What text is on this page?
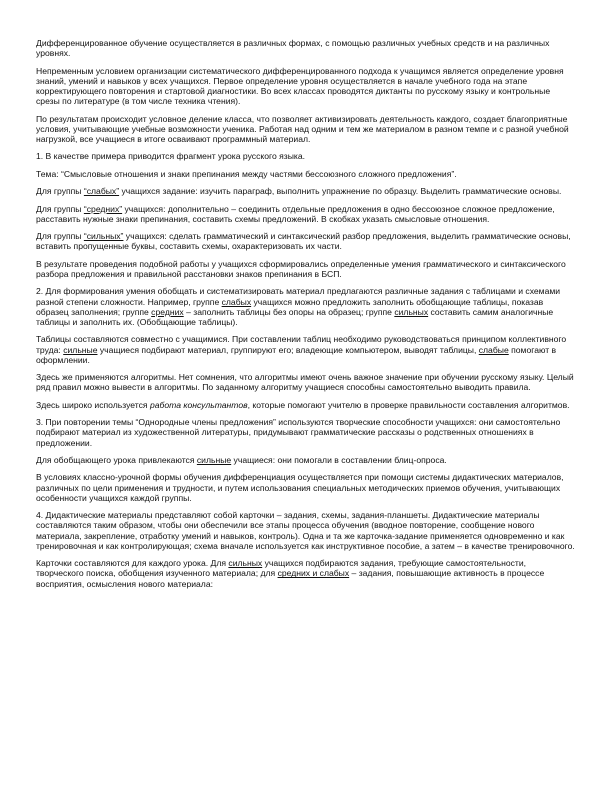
Дифференцированное обучение осуществляется в различных формах, с помощью различных учебных средств и на различных уровнях.

Непременным условием организации систематического дифференцированного подхода к учащимся является определение уровня знаний, умений и навыков у всех учащихся. Первое определение уровня осуществляется в начале учебного года на этапе корректирующего повторения и стартовой диагностики. Во всех классах проводятся диктанты по русскому языку и контрольные срезы по литературе (в том числе техника чтения).

По результатам происходит условное деление класса, что позволяет активизировать деятельность каждого, создает благоприятные условия, учитывающие учебные возможности ученика. Работая над одним и тем же материалом в разном темпе и с разной учебной нагрузкой, все учащиеся в итоге осваивают программный материал.

1. В качестве примера приводится фрагмент урока русского языка.

Тема: “Смысловые отношения и знаки препинания между частями бессоюзного сложного предложения”.

Для группы “слабых” учащихся задание: изучить параграф, выполнить упражнение по образцу. Выделить грамматические основы.

Для группы “средних” учащихся: дополнительно – соединить отдельные предложения в одно бессоюзное сложное предложение, расставить нужные знаки препинания, составить схемы предложений. В скобках указать смысловые отношения.

Для группы “сильных” учащихся: сделать грамматический и синтаксический разбор предложения, выделить грамматические основы, вставить пропущенные буквы, составить схемы, охарактеризовать их части.

В результате проведения подобной работы у учащихся сформировались определенные умения грамматического и синтаксического разбора предложения и правильной расстановки знаков препинания в БСП.

2. Для формирования умения обобщать и систематизировать материал предлагаются различные задания с таблицами и схемами разной степени сложности. Например, группе слабых учащихся можно предложить заполнить обобщающие таблицы, показав образец заполнения; группе средних – заполнить таблицы без опоры на образец; группе сильных составить самим аналогичные таблицы и заполнить их. (Обобщающие таблицы).

Таблицы составляются совместно с учащимися. При составлении таблиц необходимо руководствоваться принципом коллективного труда: сильные учащиеся подбирают материал, группируют его; владеющие компьютером, выводят таблицы, слабые помогают в оформлении.

Здесь же применяются алгоритмы. Нет сомнения, что алгоритмы имеют очень важное значение при обучении русскому языку. Целый ряд правил можно вывести в алгоритмы. По заданному алгоритму учащиеся способны самостоятельно выводить правила.

Здесь широко используется работа консультантов, которые помогают учителю в проверке правильности составления алгоритмов.

3. При повторении темы “Однородные члены предложения” используются творческие способности учащихся: они самостоятельно подбирают материал из художественной литературы, придумывают грамматические рассказы о родственных отношениях в предложении.

Для обобщающего урока привлекаются сильные учащиеся: они помогали в составлении блиц-опроса.

В условиях классно-урочной формы обучения дифференциация осуществляется при помощи системы дидактических материалов, различных по цели применения и трудности, и путем использования специальных методических приемов обучения, учитывающих особенности учащихся каждой группы.

4. Дидактические материалы представляют собой карточки – задания, схемы, задания-планшеты. Дидактические материалы составляются таким образом, чтобы они обеспечили все этапы процесса обучения (вводное повторение, сообщение нового материала, закрепление, отработку умений и навыков, контроль). Одна и та же карточка-задание применяется одновременно и как тренировочная и как контролирующая; схема вначале используется как инструктивное пособие, а затем – в качестве тренировочного.

Карточки составляются для каждого урока. Для сильных учащихся подбираются задания, требующие самостоятельности, творческого поиска, обобщения изученного материала; для средних и слабых – задания, повышающие активность в процессе восприятия, осмысления нового материала:
